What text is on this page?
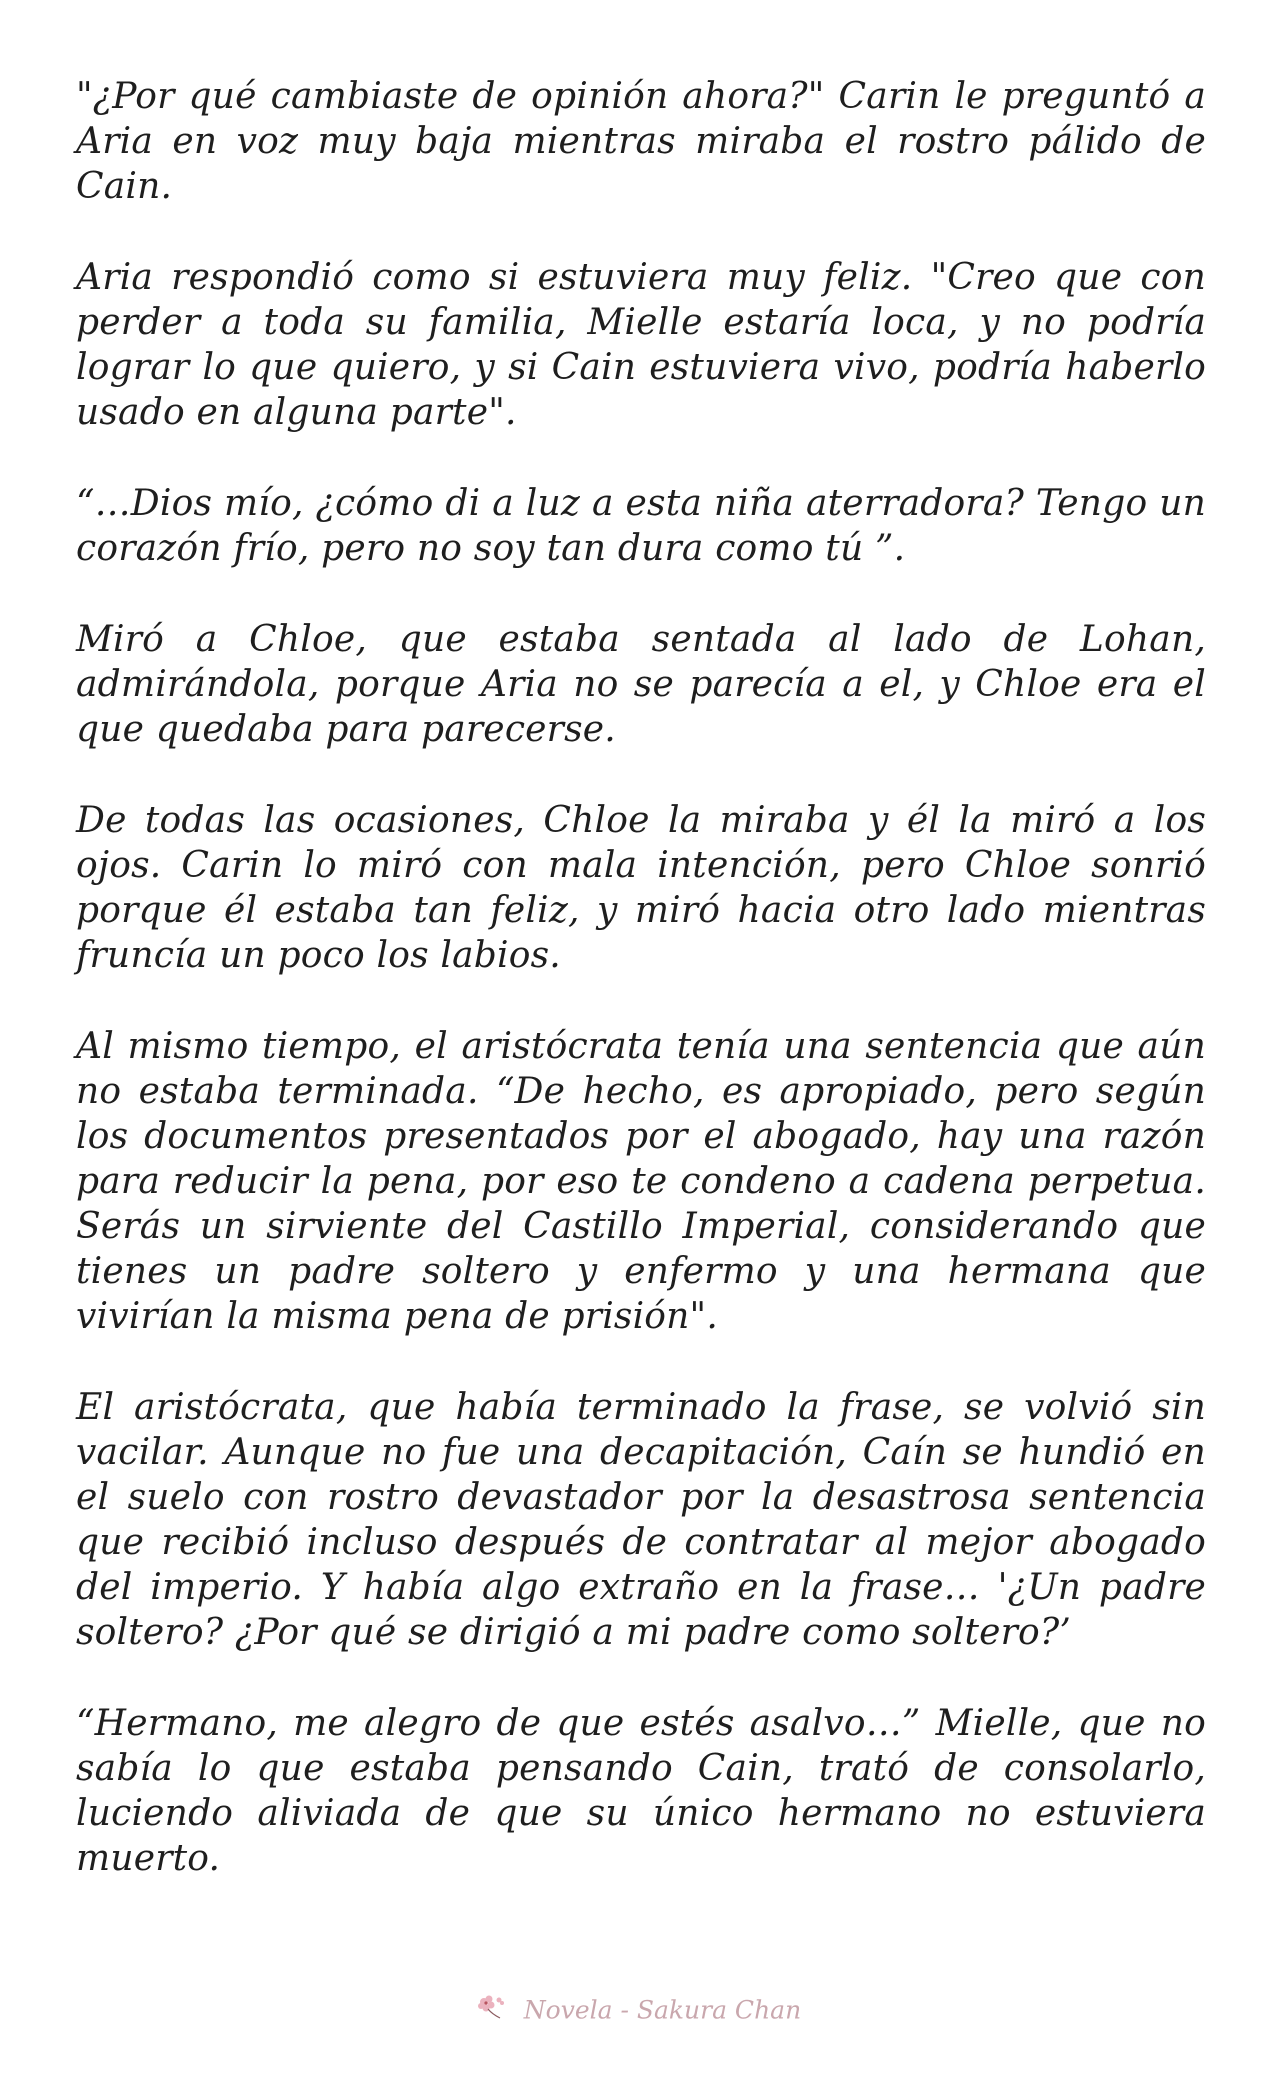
"¿Por qué cambiaste de opinión ahora?" Carin le preguntó a Aria en voz muy baja mientras miraba el rostro pálido de Cain.

Aria respondió como si estuviera muy feliz. "Creo que con perder a toda su familia, Mielle estaría loca, y no podría lograr lo que quiero, y si Cain estuviera vivo, podría haberlo usado en alguna parte".

“…Dios mío, ¿cómo di a luz a esta niña aterradora? Tengo un corazón frío, pero no soy tan dura como tú ”.

Miró a Chloe, que estaba sentada al lado de Lohan, admirándola, porque Aria no se parecía a el, y Chloe era el que quedaba para parecerse.

De todas las ocasiones, Chloe la miraba y él la miró a los ojos. Carin lo miró con mala intención, pero Chloe sonrió porque él estaba tan feliz, y miró hacia otro lado mientras fruncía un poco los labios.

Al mismo tiempo, el aristócrata tenía una sentencia que aún no estaba terminada. “De hecho, es apropiado, pero según los documentos presentados por el abogado, hay una razón para reducir la pena, por eso te condeno a cadena perpetua. Serás un sirviente del Castillo Imperial, considerando que tienes un padre soltero y enfermo y una hermana que vivirían la misma pena de prisión".

El aristócrata, que había terminado la frase, se volvió sin vacilar. Aunque no fue una decapitación, Caín se hundió en el suelo con rostro devastador por la desastrosa sentencia que recibió incluso después de contratar al mejor abogado del imperio. Y había algo extraño en la frase… '¿Un padre soltero? ¿Por qué se dirigió a mi padre como soltero?’

“Hermano, me alegro de que estés asalvo…” Mielle, que no sabía lo que estaba pensando Cain, trató de consolarlo, luciendo aliviada de que su único hermano no estuviera muerto.

Novela - Sakura Chan
